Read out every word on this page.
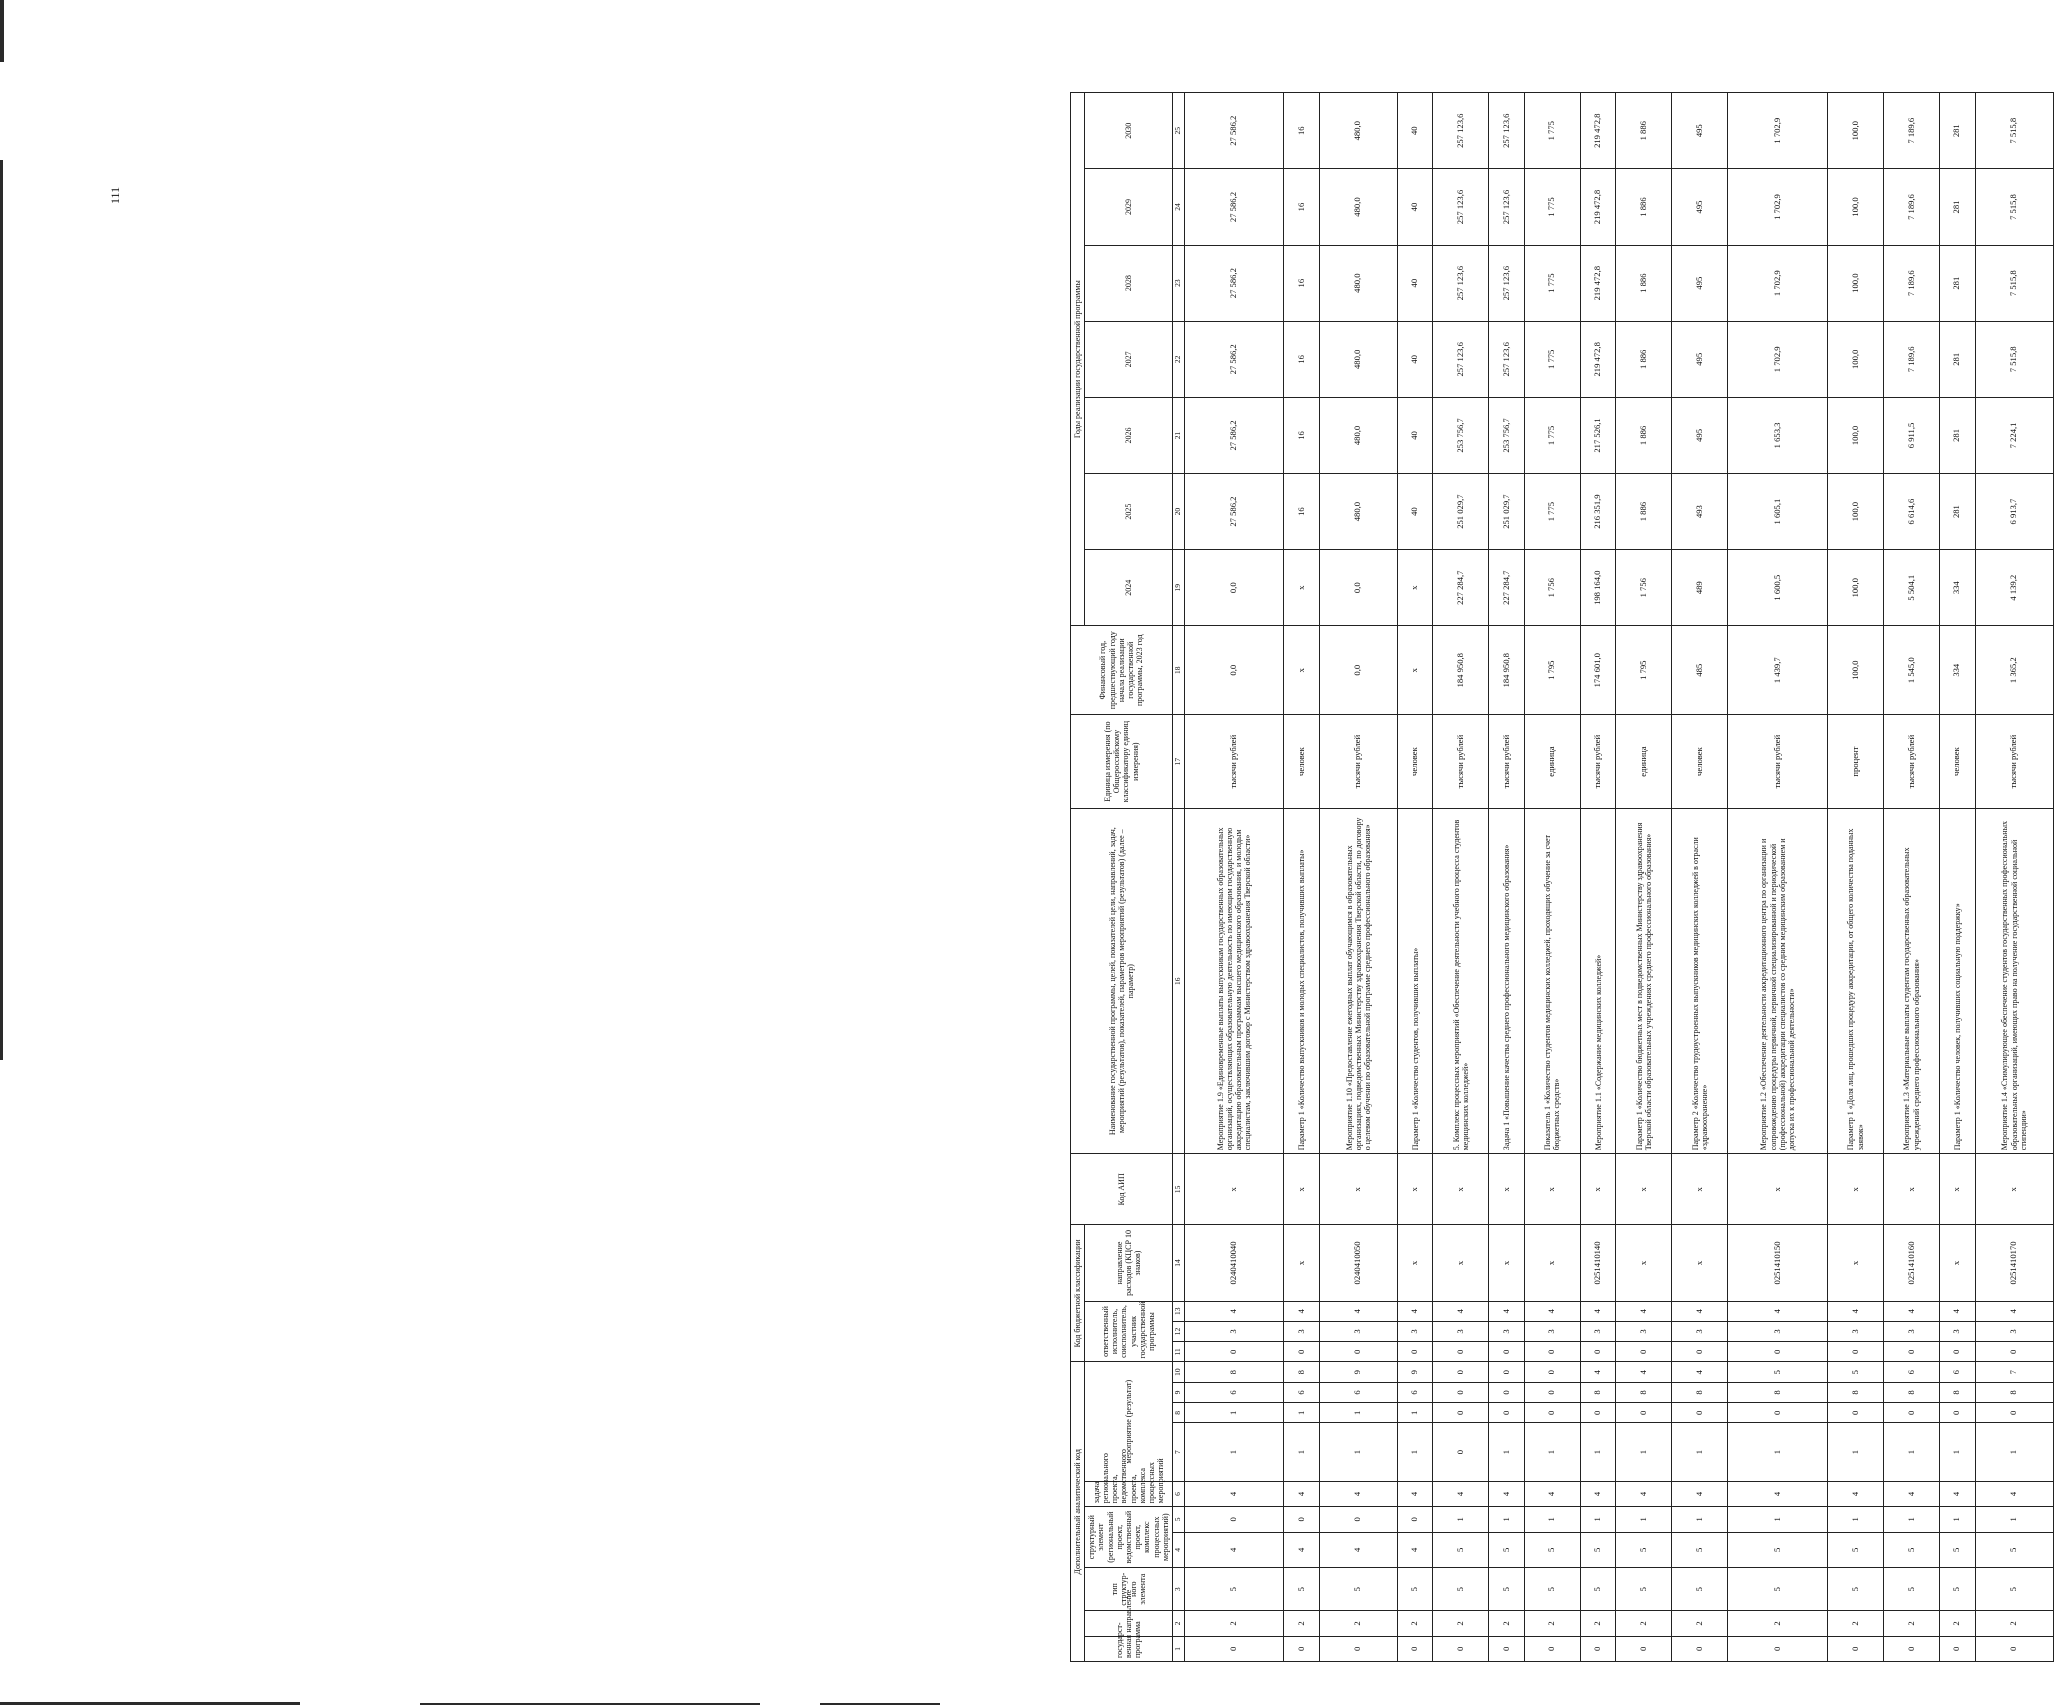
111
Дополнительный аналитический код										Код бюджетной классификации				Код АИП	Наименование государственной программы, целей, показателей цели, направлений, задач, мероприятий (результатов), показателей, параметров мероприятий (результатов) (далее – параметр)	Единица измерения (по Общероссийскому классификатору единиц измерения)	Финансовый год, предшествующий году начала реализации государственной программы, 2023 год	Годы реализации государственной программы						
государст-венная программа	направление	тип структур-ного элемента	структурный элемент (региональный проект, ведомственный проект, комплекс процессных мероприятий)		задача регионального проекта, ведомственного проекта, комплекса процессных мероприятий	мероприятие (результат)				ответственный исполнитель, соисполнитель, участник государственной программы			направление расходов (КЦСР 10 знаков)					2024	2025	2026	2027	2028	2029	2030

1	2	3	4	5	6	7	8	9	10	11	12	13	14	15	16	17	18	19	20	21	22	23	24	25
0	2	5	4	0	4	1	1	6	8	0	3	4	0240410040	x	Мероприятие 1.9 «Единовременные выплаты выпускникам государственных образовательных организаций, осуществляющих образовательную деятельность по имеющим государственную аккредитацию образовательным программам высшего медицинского образования, и молодым специалистам, заключившим договор с Министерством здравоохранения Тверской области»	тысячи рублей	0,0	0,0	27 586,2	27 586,2	27 586,2	27 586,2	27 586,2	27 586,2
0	2	5	4	0	4	1	1	6	8	0	3	4	x	x	Параметр 1 «Количество выпускников и молодых специалистов, получивших выплаты»	человек	x	x	16	16	16	16	16	16
0	2	5	4	0	4	1	1	6	9	0	3	4	0240410050	x	Мероприятие 1.10 «Предоставление ежегодных выплат обучающимся в образовательных организациях, подведомственных Министерству здравоохранения Тверской области, по договору о целевом обучении по образовательной программе среднего профессионального образования»	тысячи рублей	0,0	0,0	480,0	480,0	480,0	480,0	480,0	480,0
0	2	5	4	0	4	1	1	6	9	0	3	4	x	x	Параметр 1 «Количество студентов, получивших выплаты»	человек	x	x	40	40	40	40	40	40
0	2	5	5	1	4	0	0	0	0	0	3	4	x	x	5. Комплекс процессных мероприятий «Обеспечение деятельности учебного процесса студентов медицинских колледжей»	тысячи рублей	184 950,8	227 284,7	251 029,7	253 756,7	257 123,6	257 123,6	257 123,6	257 123,6
0	2	5	5	1	4	1	0	0	0	0	3	4	x	x	Задача 1 «Повышение качества среднего профессионального медицинского образования»	тысячи рублей	184 950,8	227 284,7	251 029,7	253 756,7	257 123,6	257 123,6	257 123,6	257 123,6
0	2	5	5	1	4	1	0	0	0	0	3	4	x	x	Показатель 1 «Количество студентов медицинских колледжей, проходящих обучение за счет бюджетных средств»	единица	1 795	1 756	1 775	1 775	1 775	1 775	1 775	1 775
0	2	5	5	1	4	1	0	8	4	0	3	4	0251410140	x	Мероприятие 1.1 «Содержание медицинских колледжей»	тысячи рублей	174 601,0	198 164,0	216 351,9	217 526,1	219 472,8	219 472,8	219 472,8	219 472,8
0	2	5	5	1	4	1	0	8	4	0	3	4	x	x	Параметр 1 «Количество бюджетных мест в подведомственных Министерству здравоохранения Тверской области образовательных учреждениях среднего профессионального образования»	единица	1 795	1 756	1 886	1 886	1 886	1 886	1 886	1 886
0	2	5	5	1	4	1	0	8	4	0	3	4	x	x	Параметр 2 «Количество трудоустроенных выпускников медицинских колледжей в отрасли «здравоохранение»	человек	485	489	493	495	495	495	495	495
0	2	5	5	1	4	1	0	8	5	0	3	4	0251410150	x	Мероприятие 1.2 «Обеспечение деятельности аккредитационного центра по организации и сопровождению процедуры первичной, первичной специализированной и периодической (профессиональной) аккредитации специалистов со средним медицинским образованием и допуска их к профессиональной деятельности»	тысячи рублей	1 439,7	1 600,5	1 605,1	1 653,3	1 702,9	1 702,9	1 702,9	1 702,9
0	2	5	5	1	4	1	0	8	5	0	3	4	x	x	Параметр 1 «Доля лиц, прошедших процедуру аккредитации, от общего количества поданных заявок»	процент	100,0	100,0	100,0	100,0	100,0	100,0	100,0	100,0
0	2	5	5	1	4	1	0	8	6	0	3	4	0251410160	x	Мероприятие 1.3 «Материальные выплаты студентам государственных образовательных учреждений среднего профессионального образования»	тысячи рублей	1 545,0	5 504,1	6 614,6	6 911,5	7 189,6	7 189,6	7 189,6	7 189,6
0	2	5	5	1	4	1	0	8	6	0	3	4	x	x	Параметр 1 «Количество человек, получивших социальную поддержку»	человек	334	334	281	281	281	281	281	281
0	2	5	5	1	4	1	0	8	7	0	3	4	0251410170	x	Мероприятие 1.4 «Стимулирующее обеспечение студентов государственных профессиональных образовательных организаций, имеющих право на получение государственной социальной стипендии»	тысячи рублей	1 365,2	4 139,2	6 913,7	7 224,1	7 515,8	7 515,8	7 515,8	7 515,8
